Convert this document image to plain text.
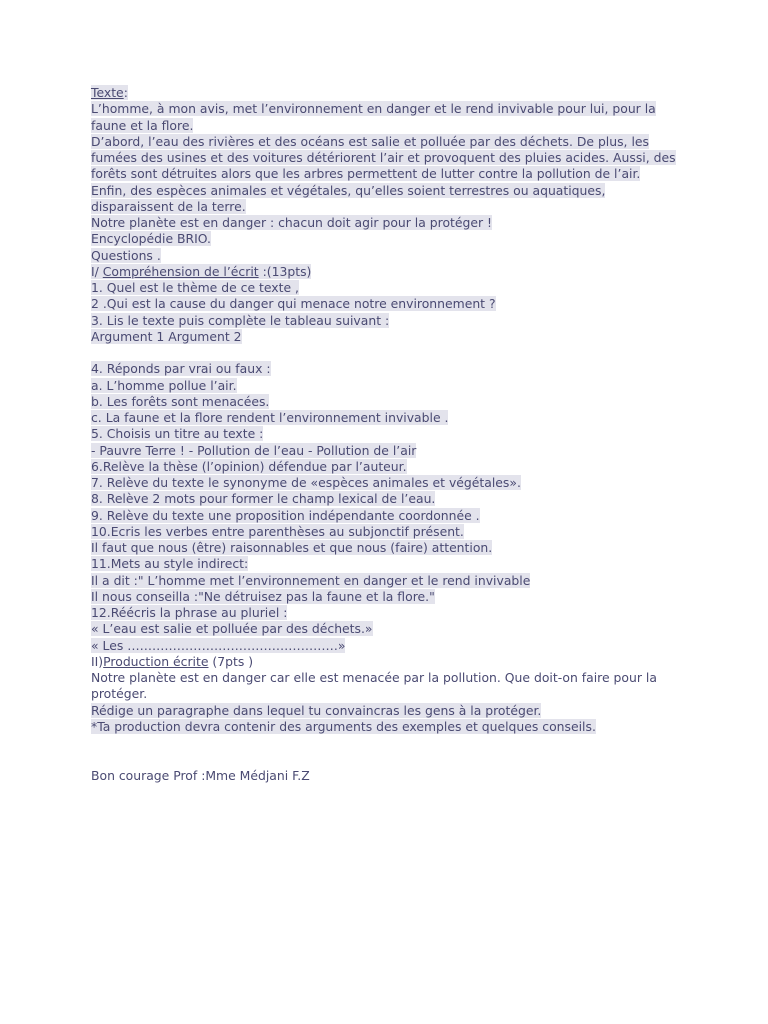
Texte:
L’homme, à mon avis, met l’environnement en danger et le rend invivable pour lui, pour la faune et la flore.
D’abord, l’eau des rivières et des océans est salie et polluée par des déchets. De plus, les fumées des usines et des voitures détériorent l’air et provoquent des pluies acides. Aussi, des forêts sont détruites alors que les arbres permettent de lutter contre la pollution de l’air.
Enfin, des espèces animales et végétales, qu’elles soient terrestres ou aquatiques, disparaissent de la terre.
Notre planète est en danger : chacun doit agir pour la protéger !
Encyclopédie BRIO.
Questions .
I/ Compréhension de l’écrit :(13pts)
1. Quel est le thème de ce texte ,
2 .Qui est la cause du danger qui menace notre environnement ?
3. Lis le texte puis complète le tableau suivant :
Argument 1 Argument 2
4. Réponds par vrai ou faux :
a. L’homme pollue l’air.
b. Les forêts sont menacées.
c. La faune et la flore rendent l’environnement invivable .
5. Choisis un titre au texte :
- Pauvre Terre ! - Pollution de l’eau - Pollution de l’air
6.Relève la thèse (l’opinion) défendue par l’auteur.
7. Relève du texte le synonyme de «espèces animales et végétales».
8. Relève 2 mots pour former le champ lexical de l’eau.
9. Relève du texte une proposition indépendante coordonnée .
10.Ecris les verbes entre parenthèses au subjonctif présent.
Il faut que nous (être) raisonnables et que nous (faire) attention.
11.Mets au style indirect:
Il a dit :" L’homme met l’environnement en danger et le rend invivable
Il nous conseilla :"Ne détruisez pas la faune et la flore."
12.Réécris la phrase au pluriel :
« L’eau est salie et polluée par des déchets.»
« Les ……………………………………………»
II)Production écrite (7pts )
Notre planète est en danger car elle est menacée par la pollution. Que doit-on faire pour la protéger.
Rédige un paragraphe dans lequel tu convaincras les gens à la protéger.
*Ta production devra contenir des arguments des exemples et quelques conseils.
Bon courage Prof :Mme Médjani F.Z
